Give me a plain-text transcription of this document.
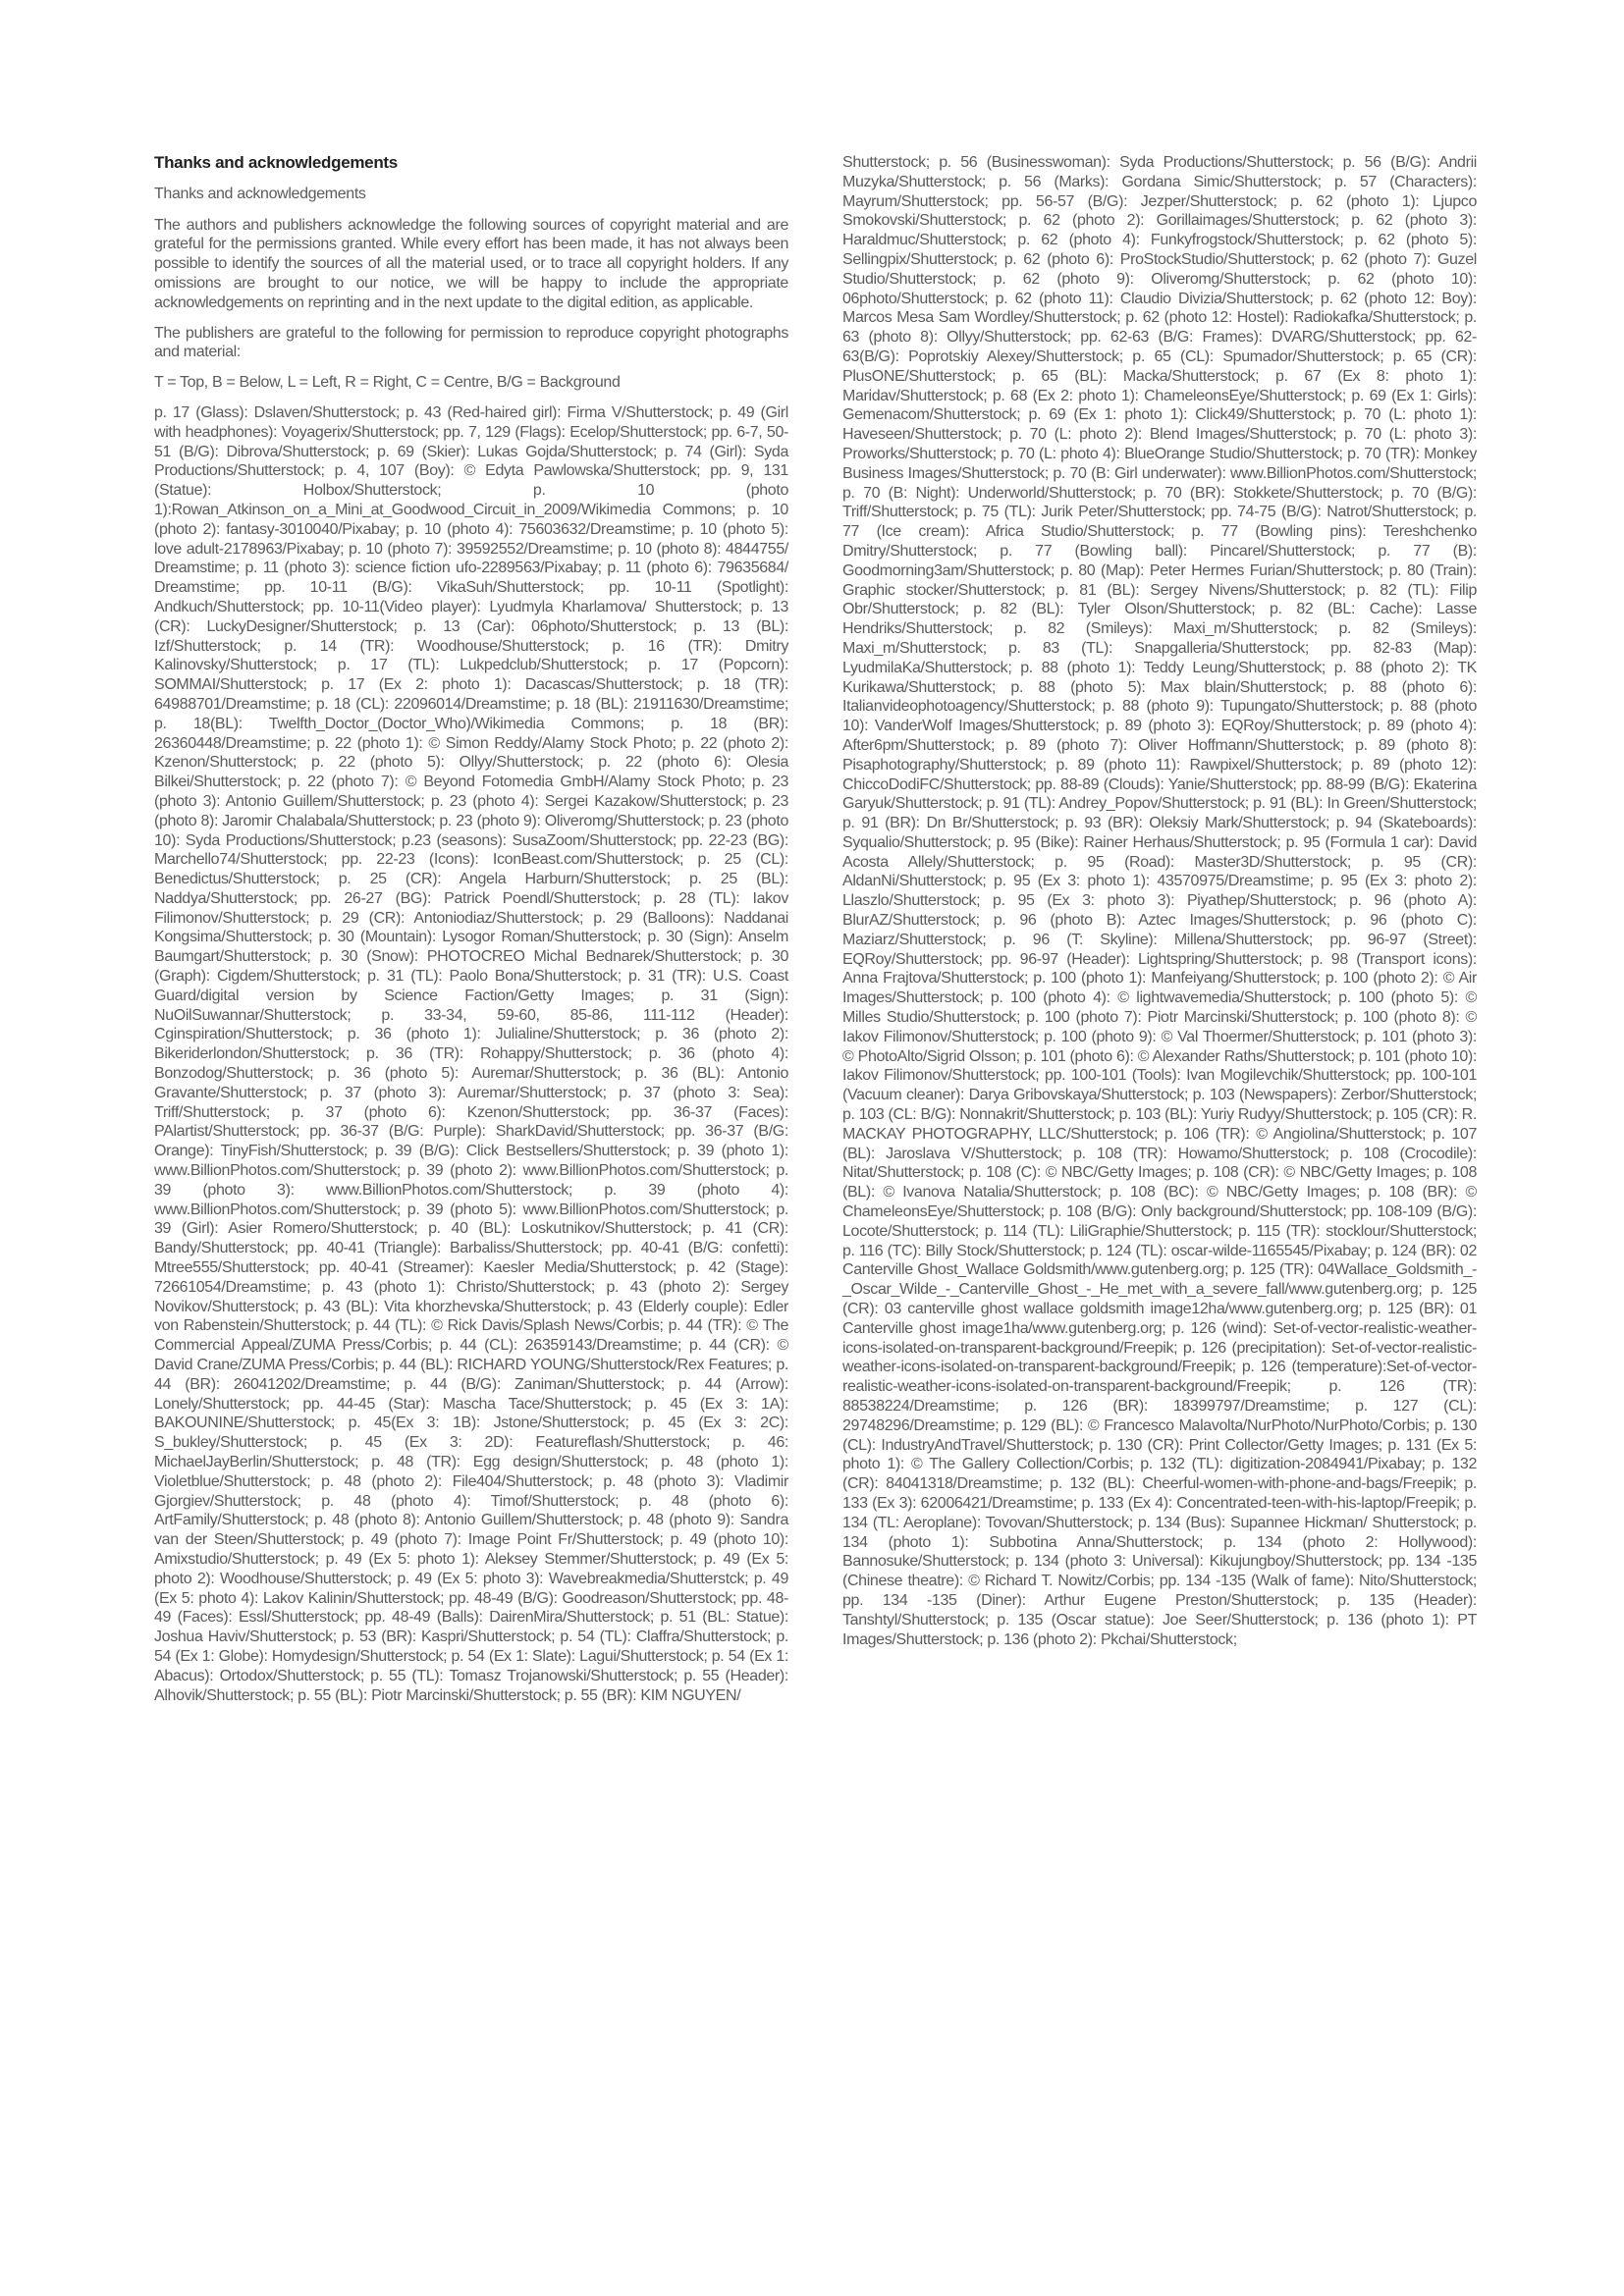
Thanks and acknowledgements
Thanks and acknowledgements

The authors and publishers acknowledge the following sources of copyright material and are grateful for the permissions granted. While every effort has been made, it has not always been possible to identify the sources of all the material used, or to trace all copyright holders. If any omissions are brought to our notice, we will be happy to include the appropriate acknowledgements on reprinting and in the next update to the digital edition, as applicable.

The publishers are grateful to the following for permission to reproduce copyright photographs and material:

T = Top, B = Below, L = Left, R = Right, C = Centre, B/G = Background

p. 17 (Glass): Dslaven/Shutterstock; p. 43 (Red-haired girl): Firma V/Shutterstock; p. 49 (Girl with headphones): Voyagerix/Shutterstock; pp. 7, 129 (Flags): Ecelop/Shutterstock; pp. 6-7, 50-51 (B/G): Dibrova/Shutterstock; p. 69 (Skier): Lukas Gojda/Shutterstock; p. 74 (Girl): Syda Productions/Shutterstock; p. 4, 107 (Boy): © Edyta Pawlowska/Shutterstock; pp. 9, 131 (Statue): Holbox/Shutterstock; p. 10 (photo 1):Rowan_Atkinson_on_a_Mini_at_Goodwood_Circuit_in_2009/Wikimedia Commons; p. 10 (photo 2): fantasy-3010040/Pixabay; p. 10 (photo 4): 75603632/Dreamstime; p. 10 (photo 5): love adult-2178963/Pixabay; p. 10 (photo 7): 39592552/Dreamstime; p. 10 (photo 8): 4844755/ Dreamstime; p. 11 (photo 3): science fiction ufo-2289563/Pixabay; p. 11 (photo 6): 79635684/ Dreamstime; pp. 10-11 (B/G): VikaSuh/Shutterstock; pp. 10-11 (Spotlight): Andkuch/Shutterstock; pp. 10-11(Video player): Lyudmyla Kharlamova/ Shutterstock; p. 13 (CR): LuckyDesigner/Shutterstock; p. 13 (Car): 06photo/Shutterstock; p. 13 (BL): Izf/Shutterstock; p. 14 (TR): Woodhouse/Shutterstock; p. 16 (TR): Dmitry Kalinovsky/Shutterstock; p. 17 (TL): Lukpedclub/Shutterstock; p. 17 (Popcorn): SOMMAI/Shutterstock; p. 17 (Ex 2: photo 1): Dacascas/Shutterstock; p. 18 (TR): 64988701/Dreamstime; p. 18 (CL): 22096014/Dreamstime; p. 18 (BL): 21911630/Dreamstime; p. 18(BL): Twelfth_Doctor_(Doctor_Who)/Wikimedia Commons; p. 18 (BR): 26360448/Dreamstime; p. 22 (photo 1): © Simon Reddy/Alamy Stock Photo; p. 22 (photo 2): Kzenon/Shutterstock; p. 22 (photo 5): Ollyy/Shutterstock; p. 22 (photo 6): Olesia Bilkei/Shutterstock; p. 22 (photo 7): © Beyond Fotomedia GmbH/Alamy Stock Photo; p. 23 (photo 3): Antonio Guillem/Shutterstock; p. 23 (photo 4): Sergei Kazakow/Shutterstock; p. 23 (photo 8): Jaromir Chalabala/Shutterstock; p. 23 (photo 9): Oliveromg/Shutterstock; p. 23 (photo 10): Syda Productions/Shutterstock; p.23 (seasons): SusaZoom/Shutterstock; pp. 22-23 (BG): Marchello74/Shutterstock; pp. 22-23 (Icons): IconBeast.com/Shutterstock; p. 25 (CL): Benedictus/Shutterstock; p. 25 (CR): Angela Harburn/Shutterstock; p. 25 (BL): Naddya/Shutterstock; pp. 26-27 (BG): Patrick Poendl/Shutterstock; p. 28 (TL): Iakov Filimonov/Shutterstock; p. 29 (CR): Antoniodiaz/Shutterstock; p. 29 (Balloons): Naddanai Kongsima/Shutterstock; p. 30 (Mountain): Lysogor Roman/Shutterstock; p. 30 (Sign): Anselm Baumgart/Shutterstock; p. 30 (Snow): PHOTOCREO Michal Bednarek/Shutterstock; p. 30 (Graph): Cigdem/Shutterstock; p. 31 (TL): Paolo Bona/Shutterstock; p. 31 (TR): U.S. Coast Guard/digital version by Science Faction/Getty Images; p. 31 (Sign): NuOilSuwannar/Shutterstock; p. 33-34, 59-60, 85-86, 111-112 (Header): Cginspiration/Shutterstock; p. 36 (photo 1): Julialine/Shutterstock; p. 36 (photo 2): Bikeriderlondon/Shutterstock; p. 36 (TR): Rohappy/Shutterstock; p. 36 (photo 4): Bonzodog/Shutterstock; p. 36 (photo 5): Auremar/Shutterstock; p. 36 (BL): Antonio Gravante/Shutterstock; p. 37 (photo 3): Auremar/Shutterstock; p. 37 (photo 3: Sea): Triff/Shutterstock; p. 37 (photo 6): Kzenon/Shutterstock; pp. 36-37 (Faces): PAlartist/Shutterstock; pp. 36-37 (B/G: Purple): SharkDavid/Shutterstock; pp. 36-37 (B/G: Orange): TinyFish/Shutterstock; p. 39 (B/G): Click Bestsellers/Shutterstock; p. 39 (photo 1): www.BillionPhotos.com/Shutterstock; p. 39 (photo 2): www.BillionPhotos.com/Shutterstock; p. 39 (photo 3): www.BillionPhotos.com/Shutterstock; p. 39 (photo 4): www.BillionPhotos.com/Shutterstock; p. 39 (photo 5): www.BillionPhotos.com/Shutterstock; p. 39 (Girl): Asier Romero/Shutterstock; p. 40 (BL): Loskutnikov/Shutterstock; p. 41 (CR): Bandy/Shutterstock; pp. 40-41 (Triangle): Barbaliss/Shutterstock; pp. 40-41 (B/G: confetti): Mtree555/Shutterstock; pp. 40-41 (Streamer): Kaesler Media/Shutterstock; p. 42 (Stage): 72661054/Dreamstime; p. 43 (photo 1): Christo/Shutterstock; p. 43 (photo 2): Sergey Novikov/Shutterstock; p. 43 (BL): Vita khorzhevska/Shutterstock; p. 43 (Elderly couple): Edler von Rabenstein/Shutterstock; p. 44 (TL): © Rick Davis/Splash News/Corbis; p. 44 (TR): © The Commercial Appeal/ZUMA Press/Corbis; p. 44 (CL): 26359143/Dreamstime; p. 44 (CR): © David Crane/ZUMA Press/Corbis; p. 44 (BL): RICHARD YOUNG/Shutterstock/Rex Features; p. 44 (BR): 26041202/Dreamstime; p. 44 (B/G): Zaniman/Shutterstock; p. 44 (Arrow): Lonely/Shutterstock; pp. 44-45 (Star): Mascha Tace/Shutterstock; p. 45 (Ex 3: 1A): BAKOUNINE/Shutterstock; p. 45(Ex 3: 1B): Jstone/Shutterstock; p. 45 (Ex 3: 2C): S_bukley/Shutterstock; p. 45 (Ex 3: 2D): Featureflash/Shutterstock; p. 46: MichaelJayBerlin/Shutterstock; p. 48 (TR): Egg design/Shutterstock; p. 48 (photo 1): Violetblue/Shutterstock; p. 48 (photo 2): File404/Shutterstock; p. 48 (photo 3): Vladimir Gjorgiev/Shutterstock; p. 48 (photo 4): Timof/Shutterstock; p. 48 (photo 6): ArtFamily/Shutterstock; p. 48 (photo 8): Antonio Guillem/Shutterstock; p. 48 (photo 9): Sandra van der Steen/Shutterstock; p. 49 (photo 7): Image Point Fr/Shutterstock; p. 49 (photo 10): Amixstudio/Shutterstock; p. 49 (Ex 5: photo 1): Aleksey Stemmer/Shutterstock; p. 49 (Ex 5: photo 2): Woodhouse/Shutterstock; p. 49 (Ex 5: photo 3): Wavebreakmedia/Shutterstck; p. 49 (Ex 5: photo 4): Lakov Kalinin/Shutterstock; pp. 48-49 (B/G): Goodreason/Shutterstock; pp. 48-49 (Faces): Essl/Shutterstock; pp. 48-49 (Balls): DairenMira/Shutterstock; p. 51 (BL: Statue): Joshua Haviv/Shutterstock; p. 53 (BR): Kaspri/Shutterstock; p. 54 (TL): Claffra/Shutterstock; p. 54 (Ex 1: Globe): Homydesign/Shutterstock; p. 54 (Ex 1: Slate): Lagui/Shutterstock; p. 54 (Ex 1: Abacus): Ortodox/Shutterstock; p. 55 (TL): Tomasz Trojanowski/Shutterstock; p. 55 (Header): Alhovik/Shutterstock; p. 55 (BL): Piotr Marcinski/Shutterstock; p. 55 (BR): KIM NGUYEN/

Shutterstock; p. 56 (Businesswoman): Syda Productions/Shutterstock; p. 56 (B/G): Andrii Muzyka/Shutterstock; p. 56 (Marks): Gordana Simic/Shutterstock; p. 57 (Characters): Mayrum/Shutterstock; pp. 56-57 (B/G): Jezper/Shutterstock; p. 62 (photo 1): Ljupco Smokovski/Shutterstock; p. 62 (photo 2): Gorillaimages/Shutterstock; p. 62 (photo 3): Haraldmuc/Shutterstock; p. 62 (photo 4): Funkyfrogstock/Shutterstock; p. 62 (photo 5): Sellingpix/Shutterstock; p. 62 (photo 6): ProStockStudio/Shutterstock; p. 62 (photo 7): Guzel Studio/Shutterstock; p. 62 (photo 9): Oliveromg/Shutterstock; p. 62 (photo 10): 06photo/Shutterstock; p. 62 (photo 11): Claudio Divizia/Shutterstock; p. 62 (photo 12: Boy): Marcos Mesa Sam Wordley/Shutterstock; p. 62 (photo 12: Hostel): Radiokafka/Shutterstock; p. 63 (photo 8): Ollyy/Shutterstock; pp. 62-63 (B/G: Frames): DVARG/Shutterstock; pp. 62-63(B/G): Poprotskiy Alexey/Shutterstock; p. 65 (CL): Spumador/Shutterstock; p. 65 (CR): PlusONE/Shutterstock; p. 65 (BL): Macka/Shutterstock; p. 67 (Ex 8: photo 1): Maridav/Shutterstock; p. 68 (Ex 2: photo 1): ChameleonsEye/Shutterstock; p. 69 (Ex 1: Girls): Gemenacom/Shutterstock; p. 69 (Ex 1: photo 1): Click49/Shutterstock; p. 70 (L: photo 1): Haveseen/Shutterstock; p. 70 (L: photo 2): Blend Images/Shutterstock; p. 70 (L: photo 3): Proworks/Shutterstock; p. 70 (L: photo 4): BlueOrange Studio/Shutterstock; p. 70 (TR): Monkey Business Images/Shutterstock; p. 70 (B: Girl underwater): www.BillionPhotos.com/Shutterstock; p. 70 (B: Night): Underworld/Shutterstock; p. 70 (BR): Stokkete/Shutterstock; p. 70 (B/G): Triff/Shutterstock; p. 75 (TL): Jurik Peter/Shutterstock; pp. 74-75 (B/G): Natrot/Shutterstock; p. 77 (Ice cream): Africa Studio/Shutterstock; p. 77 (Bowling pins): Tereshchenko Dmitry/Shutterstock; p. 77 (Bowling ball): Pincarel/Shutterstock; p. 77 (B): Goodmorning3am/Shutterstock; p. 80 (Map): Peter Hermes Furian/Shutterstock; p. 80 (Train): Graphic stocker/Shutterstock; p. 81 (BL): Sergey Nivens/Shutterstock; p. 82 (TL): Filip Obr/Shutterstock; p. 82 (BL): Tyler Olson/Shutterstock; p. 82 (BL: Cache): Lasse Hendriks/Shutterstock; p. 82 (Smileys): Maxi_m/Shutterstock; p. 82 (Smileys): Maxi_m/Shutterstock; p. 83 (TL): Snapgalleria/Shutterstock; pp. 82-83 (Map): LyudmilaKa/Shutterstock; p. 88 (photo 1): Teddy Leung/Shutterstock; p. 88 (photo 2): TK Kurikawa/Shutterstock; p. 88 (photo 5): Max blain/Shutterstock; p. 88 (photo 6): Italianvideophotoagency/Shutterstock; p. 88 (photo 9): Tupungato/Shutterstock; p. 88 (photo 10): VanderWolf Images/Shutterstock; p. 89 (photo 3): EQRoy/Shutterstock; p. 89 (photo 4): After6pm/Shutterstock; p. 89 (photo 7): Oliver Hoffmann/Shutterstock; p. 89 (photo 8): Pisaphotography/Shutterstock; p. 89 (photo 11): Rawpixel/Shutterstock; p. 89 (photo 12): ChiccoDodiFC/Shutterstock; pp. 88-89 (Clouds): Yanie/Shutterstock; pp. 88-99 (B/G): Ekaterina Garyuk/Shutterstock; p. 91 (TL): Andrey_Popov/Shutterstock; p. 91 (BL): In Green/Shutterstock; p. 91 (BR): Dn Br/Shutterstock; p. 93 (BR): Oleksiy Mark/Shutterstock; p. 94 (Skateboards): Syqualio/Shutterstock; p. 95 (Bike): Rainer Herhaus/Shutterstock; p. 95 (Formula 1 car): David Acosta Allely/Shutterstock; p. 95 (Road): Master3D/Shutterstock; p. 95 (CR): AldanNi/Shutterstock; p. 95 (Ex 3: photo 1): 43570975/Dreamstime; p. 95 (Ex 3: photo 2): Llaszlo/Shutterstock; p. 95 (Ex 3: photo 3): Piyathep/Shutterstock; p. 96 (photo A): BlurAZ/Shutterstock; p. 96 (photo B): Aztec Images/Shutterstock; p. 96 (photo C): Maziarz/Shutterstock; p. 96 (T: Skyline): Millena/Shutterstock; pp. 96-97 (Street): EQRoy/Shutterstock; pp. 96-97 (Header): Lightspring/Shutterstock; p. 98 (Transport icons): Anna Frajtova/Shutterstock; p. 100 (photo 1): Manfeiyang/Shutterstock; p. 100 (photo 2): © Air Images/Shutterstock; p. 100 (photo 4): © lightwavemedia/Shutterstock; p. 100 (photo 5): © Milles Studio/Shutterstock; p. 100 (photo 7): Piotr Marcinski/Shutterstock; p. 100 (photo 8): © Iakov Filimonov/Shutterstock; p. 100 (photo 9): © Val Thoermer/Shutterstock; p. 101 (photo 3): © PhotoAlto/Sigrid Olsson; p. 101 (photo 6): © Alexander Raths/Shutterstock; p. 101 (photo 10): Iakov Filimonov/Shutterstock; pp. 100-101 (Tools): Ivan Mogilevchik/Shutterstock; pp. 100-101 (Vacuum cleaner): Darya Gribovskaya/Shutterstock; p. 103 (Newspapers): Zerbor/Shutterstock; p. 103 (CL: B/G): Nonnakrit/Shutterstock; p. 103 (BL): Yuriy Rudyy/Shutterstock; p. 105 (CR): R. MACKAY PHOTOGRAPHY, LLC/Shutterstock; p. 106 (TR): © Angiolina/Shutterstock; p. 107 (BL): Jaroslava V/Shutterstock; p. 108 (TR): Howamo/Shutterstock; p. 108 (Crocodile): Nitat/Shutterstock; p. 108 (C): © NBC/Getty Images; p. 108 (CR): © NBC/Getty Images; p. 108 (BL): © Ivanova Natalia/Shutterstock; p. 108 (BC): © NBC/Getty Images; p. 108 (BR): © ChameleonsEye/Shutterstock; p. 108 (B/G): Only background/Shutterstock; pp. 108-109 (B/G): Locote/Shutterstock; p. 114 (TL): LiliGraphie/Shutterstock; p. 115 (TR): stocklour/Shutterstock; p. 116 (TC): Billy Stock/Shutterstock; p. 124 (TL): oscar-wilde-1165545/Pixabay; p. 124 (BR): 02 Canterville Ghost_Wallace Goldsmith/www.gutenberg.org; p. 125 (TR): 04Wallace_Goldsmith_-_Oscar_Wilde_-_Canterville_Ghost_-_He_met_with_a_severe_fall/www.gutenberg.org; p. 125 (CR): 03 canterville ghost wallace goldsmith image12ha/www.gutenberg.org; p. 125 (BR): 01 Canterville ghost image1ha/www.gutenberg.org; p. 126 (wind): Set-of-vector-realistic-weather-icons-isolated-on-transparent-background/Freepik; p. 126 (precipitation): Set-of-vector-realistic-weather-icons-isolated-on-transparent-background/Freepik; p. 126 (temperature):Set-of-vector-realistic-weather-icons-isolated-on-transparent-background/Freepik; p. 126 (TR): 88538224/Dreamstime; p. 126 (BR): 18399797/Dreamstime; p. 127 (CL): 29748296/Dreamstime; p. 129 (BL): © Francesco Malavolta/NurPhoto/NurPhoto/Corbis; p. 130 (CL): IndustryAndTravel/Shutterstock; p. 130 (CR): Print Collector/Getty Images; p. 131 (Ex 5: photo 1): © The Gallery Collection/Corbis; p. 132 (TL): digitization-2084941/Pixabay; p. 132 (CR): 84041318/Dreamstime; p. 132 (BL): Cheerful-women-with-phone-and-bags/Freepik; p. 133 (Ex 3): 62006421/Dreamstime; p. 133 (Ex 4): Concentrated-teen-with-his-laptop/Freepik; p. 134 (TL: Aeroplane): Tovovan/Shutterstock; p. 134 (Bus): Supannee Hickman/ Shutterstock; p. 134 (photo 1): Subbotina Anna/Shutterstock; p. 134 (photo 2: Hollywood): Bannosuke/Shutterstock; p. 134 (photo 3: Universal): Kikujungboy/Shutterstock; pp. 134 -135 (Chinese theatre): © Richard T. Nowitz/Corbis; pp. 134 -135 (Walk of fame): Nito/Shutterstock; pp. 134 -135 (Diner): Arthur Eugene Preston/Shutterstock; p. 135 (Header): Tanshtyl/Shutterstock; p. 135 (Oscar statue): Joe Seer/Shutterstock; p. 136 (photo 1): PT Images/Shutterstock; p. 136 (photo 2): Pkchai/Shutterstock;
